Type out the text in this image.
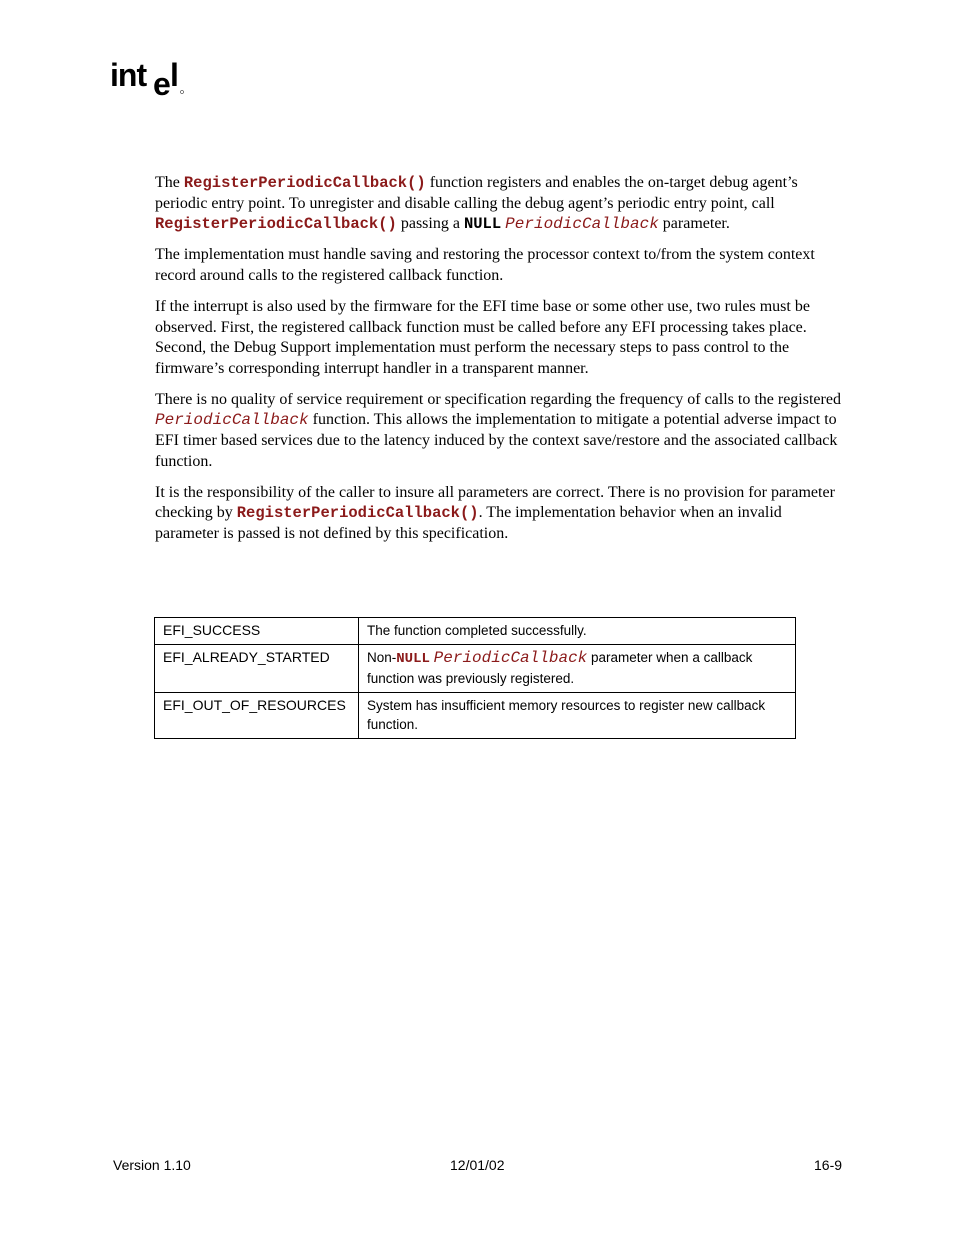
int e l

The RegisterPeriodicCallback() function registers and enables the on-target debug agent’s periodic entry point. To unregister and disable calling the debug agent’s periodic entry point, call RegisterPeriodicCallback() passing a NULL PeriodicCallback parameter.

The implementation must handle saving and restoring the processor context to/from the system context record around calls to the registered callback function.

If the interrupt is also used by the firmware for the EFI time base or some other use, two rules must be observed. First, the registered callback function must be called before any EFI processing takes place. Second, the Debug Support implementation must perform the necessary steps to pass control to the firmware’s corresponding interrupt handler in a transparent manner.

There is no quality of service requirement or specification regarding the frequency of calls to the registered PeriodicCallback function. This allows the implementation to mitigate a potential adverse impact to EFI timer based services due to the latency induced by the context save/restore and the associated callback function.

It is the responsibility of the caller to insure all parameters are correct. There is no provision for parameter checking by RegisterPeriodicCallback(). The implementation behavior when an invalid parameter is passed is not defined by this specification.

EFI_SUCCESS	The function completed successfully.
EFI_ALREADY_STARTED	Non-NULL PeriodicCallback parameter when a callback function was previously registered.
EFI_OUT_OF_RESOURCES	System has insufficient memory resources to register new callback function.
Version 1.10	12/01/02	16-9
